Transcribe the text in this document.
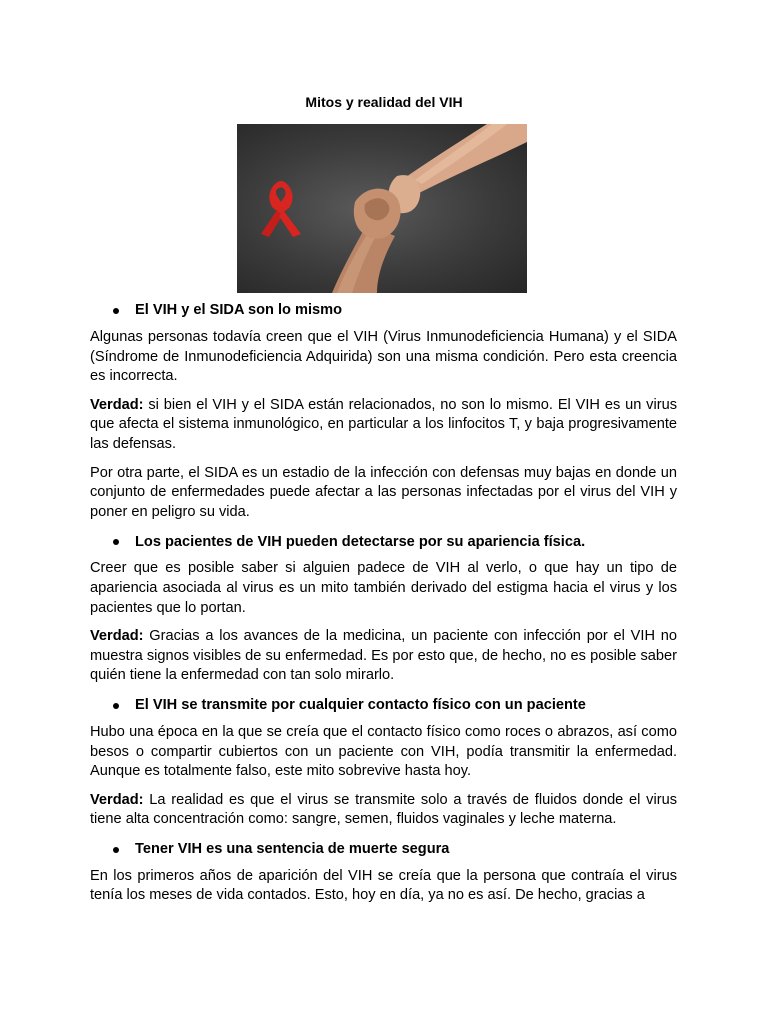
Mitos y realidad del VIH
El VIH y el SIDA son lo mismo

Algunas personas todavía creen que el VIH (Virus Inmunodeficiencia Humana) y el SIDA (Síndrome de Inmunodeficiencia Adquirida) son una misma condición. Pero esta creencia es incorrecta.

Verdad: si bien el VIH y el SIDA están relacionados, no son lo mismo. El VIH es un virus que afecta el sistema inmunológico, en particular a los linfocitos T, y baja progresivamente las defensas.

Por otra parte, el SIDA es un estadio de la infección con defensas muy bajas en donde un conjunto de enfermedades puede afectar a las personas infectadas por el virus del VIH y poner en peligro su vida.

Los pacientes de VIH pueden detectarse por su apariencia física.

Creer que es posible saber si alguien padece de VIH al verlo, o que hay un tipo de apariencia asociada al virus es un mito también derivado del estigma hacia el virus y los pacientes que lo portan.

Verdad: Gracias a los avances de la medicina, un paciente con infección por el VIH no muestra signos visibles de su enfermedad. Es por esto que, de hecho, no es posible saber quién tiene la enfermedad con tan solo mirarlo.

El VIH se transmite por cualquier contacto físico con un paciente

Hubo una época en la que se creía que el contacto físico como roces o abrazos, así como besos o compartir cubiertos con un paciente con VIH, podía transmitir la enfermedad. Aunque es totalmente falso, este mito sobrevive hasta hoy.

Verdad: La realidad es que el virus se transmite solo a través de fluidos donde el virus tiene alta concentración como: sangre, semen, fluidos vaginales y leche materna.

Tener VIH es una sentencia de muerte segura

En los primeros años de aparición del VIH se creía que la persona que contraía el virus tenía los meses de vida contados. Esto, hoy en día, ya no es así. De hecho, gracias a
